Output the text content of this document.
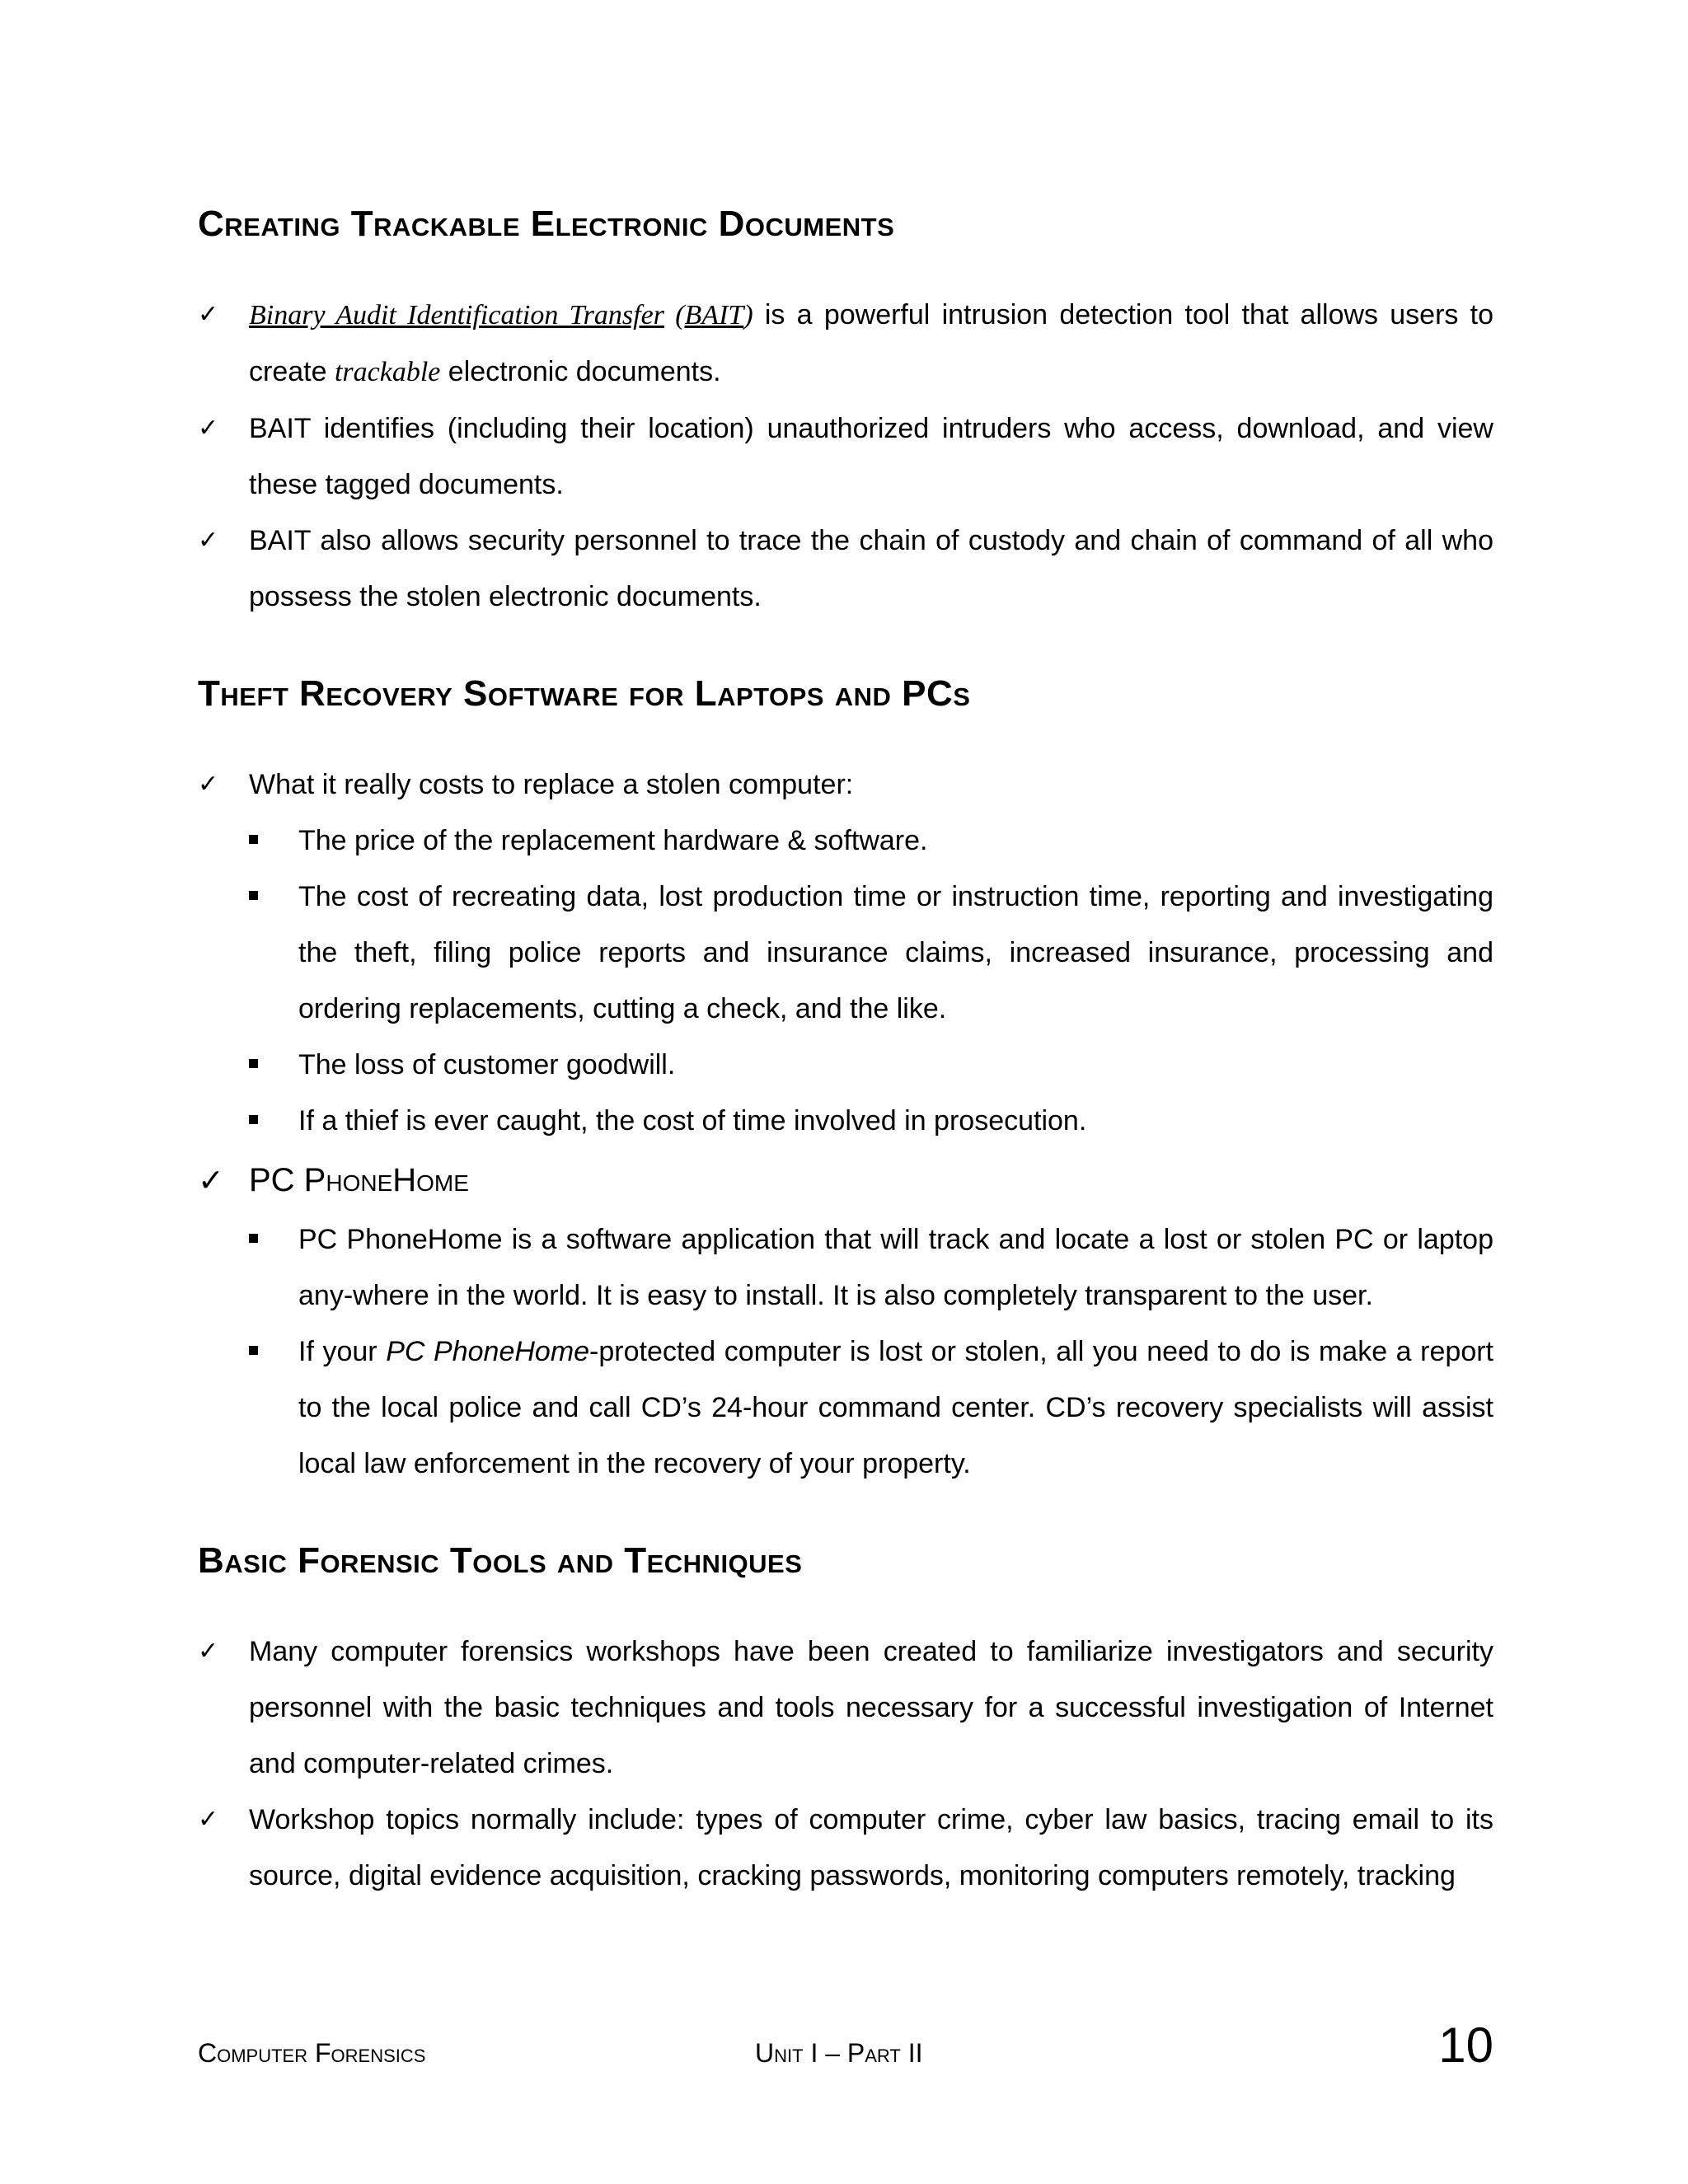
Creating Trackable Electronic Documents
✓ Binary Audit Identification Transfer (BAIT) is a powerful intrusion detection tool that allows users to create trackable electronic documents.
✓ BAIT identifies (including their location) unauthorized intruders who access, download, and view these tagged documents.
✓ BAIT also allows security personnel to trace the chain of custody and chain of command of all who possess the stolen electronic documents.
Theft Recovery Software for Laptops and PCs
✓ What it really costs to replace a stolen computer:
The price of the replacement hardware & software.
The cost of recreating data, lost production time or instruction time, reporting and investigating the theft, filing police reports and insurance claims, increased insurance, processing and ordering replacements, cutting a check, and the like.
The loss of customer goodwill.
If a thief is ever caught, the cost of time involved in prosecution.
✓ PC PhoneHome
PC PhoneHome is a software application that will track and locate a lost or stolen PC or laptop any-where in the world. It is easy to install. It is also completely transparent to the user.
If your PC PhoneHome-protected computer is lost or stolen, all you need to do is make a report to the local police and call CD’s 24-hour command center. CD’s recovery specialists will assist local law enforcement in the recovery of your property.
Basic Forensic Tools and Techniques
✓ Many computer forensics workshops have been created to familiarize investigators and security personnel with the basic techniques and tools necessary for a successful investigation of Internet and computer-related crimes.
✓ Workshop topics normally include: types of computer crime, cyber law basics, tracing email to its source, digital evidence acquisition, cracking passwords, monitoring computers remotely, tracking
Computer Forensics	Unit I – Part II	10
